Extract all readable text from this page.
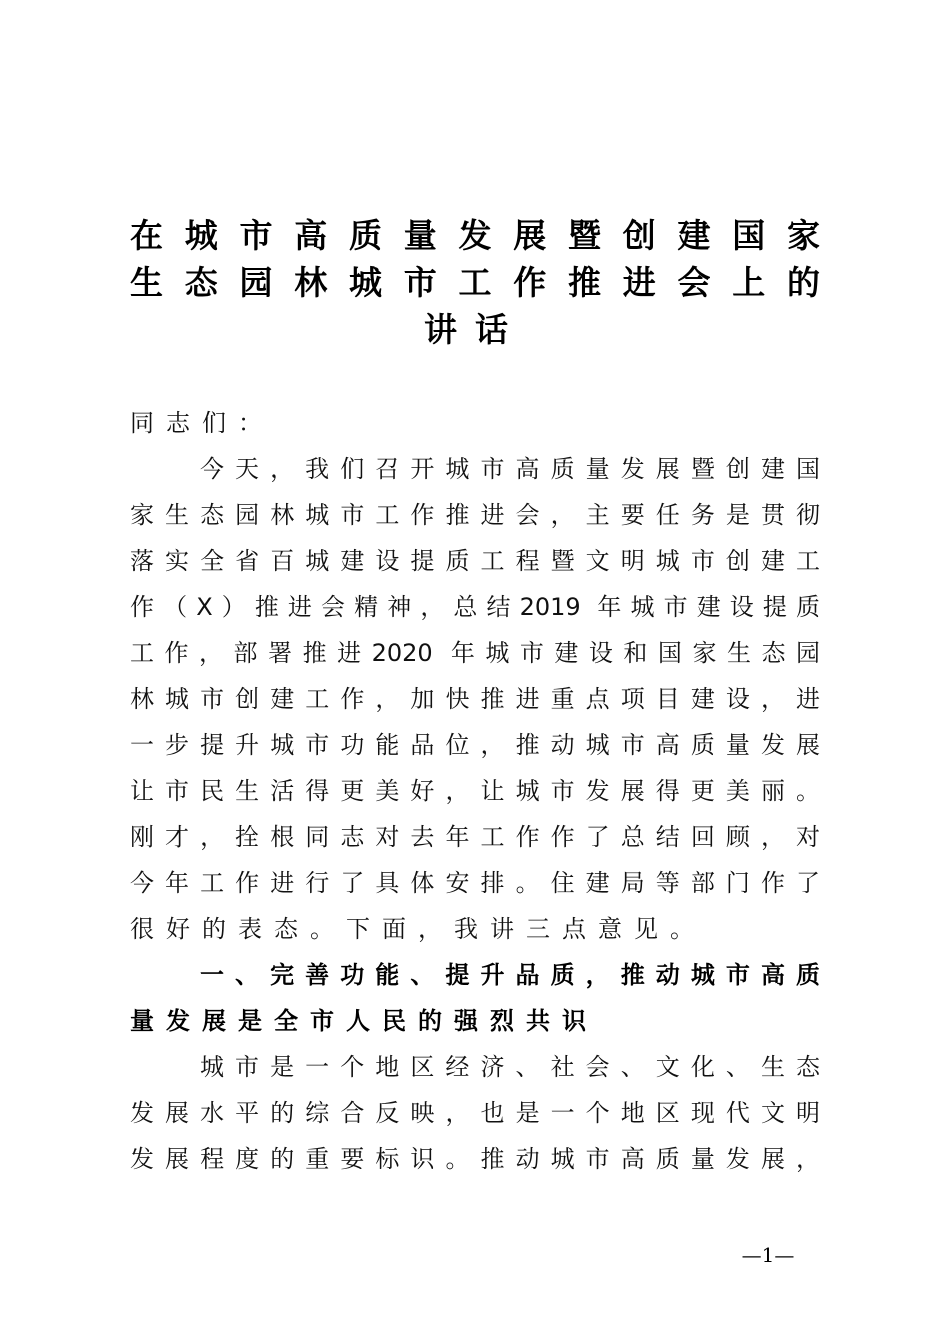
在城市高质量发展暨创建国家
生态园林城市工作推进会上的
讲话
同志们：
今天，我们召开城市高质量发展暨创建国
家生态园林城市工作推进会，主要任务是贯彻
落实全省百城建设提质工程暨文明城市创建工
作（X）推进会精神，总结2019 年城市建设提质
工作，部署推进2020 年城市建设和国家生态园
林城市创建工作，加快推进重点项目建设，进
一步提升城市功能品位，推动城市高质量发展
让市民生活得更美好，让城市发展得更美丽。
刚才，拴根同志对去年工作作了总结回顾，对
今年工作进行了具体安排。住建局等部门作了
很好的表态。下面，我讲三点意见。
一、完善功能、提升品质，推动城市高质
量发展是全市人民的强烈共识
城市是一个地区经济、社会、文化、生态
发展水平的综合反映，也是一个地区现代文明
发展程度的重要标识。推动城市高质量发展，
—1—
